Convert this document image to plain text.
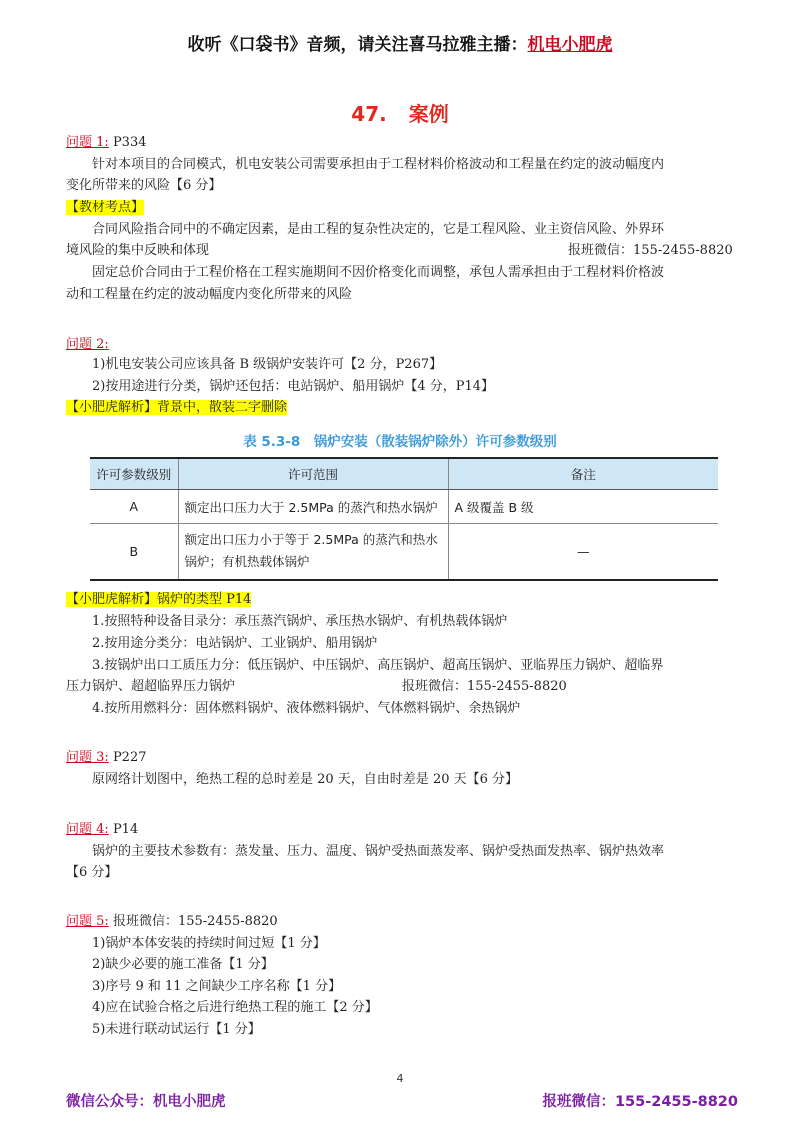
收听《口袋书》音频，请关注喜马拉雅主播：机电小肥虎
47. 案例
问题 1: P334
针对本项目的合同模式，机电安装公司需要承担由于工程材料价格波动和工程量在约定的波动幅度内
变化所带来的风险【6 分】
【教材考点】
合同风险指合同中的不确定因素，是由工程的复杂性决定的，它是工程风险、业主资信风险、外界环
境风险的集中反映和体现	报班微信：155-2455-8820
固定总价合同由于工程价格在工程实施期间不因价格变化而调整，承包人需承担由于工程材料价格波
动和工程量在约定的波动幅度内变化所带来的风险
问题 2:
1)机电安装公司应该具备 B 级锅炉安装许可【2 分，P267】
2)按用途进行分类，锅炉还包括：电站锅炉、船用锅炉【4 分，P14】
【小肥虎解析】背景中，散装二字删除
表 5.3-8　锅炉安装（散装锅炉除外）许可参数级别
许可参数级别	许可范围	备注
A	额定出口压力大于 2.5MPa 的蒸汽和热水锅炉	A 级覆盖 B 级
B	额定出口压力小于等于 2.5MPa 的蒸汽和热水
锅炉；有机热载体锅炉	—
【小肥虎解析】锅炉的类型 P14
1.按照特种设备目录分：承压蒸汽锅炉、承压热水锅炉、有机热载体锅炉
2.按用途分类分：电站锅炉、工业锅炉、船用锅炉
3.按锅炉出口工质压力分：低压锅炉、中压锅炉、高压锅炉、超高压锅炉、亚临界压力锅炉、超临界
压力锅炉、超超临界压力锅炉	报班微信：155-2455-8820
4.按所用燃料分：固体燃料锅炉、液体燃料锅炉、气体燃料锅炉、余热锅炉
问题 3: P227
原网络计划图中，绝热工程的总时差是 20 天，自由时差是 20 天【6 分】
问题 4: P14
锅炉的主要技术参数有：蒸发量、压力、温度、锅炉受热面蒸发率、锅炉受热面发热率、锅炉热效率
【6 分】
问题 5: 报班微信：155-2455-8820
1)锅炉本体安装的持续时间过短【1 分】
2)缺少必要的施工准备【1 分】
3)序号 9 和 11 之间缺少工序名称【1 分】
4)应在试验合格之后进行绝热工程的施工【2 分】
5)未进行联动试运行【1 分】
4
微信公众号：机电小肥虎	报班微信：155-2455-8820
